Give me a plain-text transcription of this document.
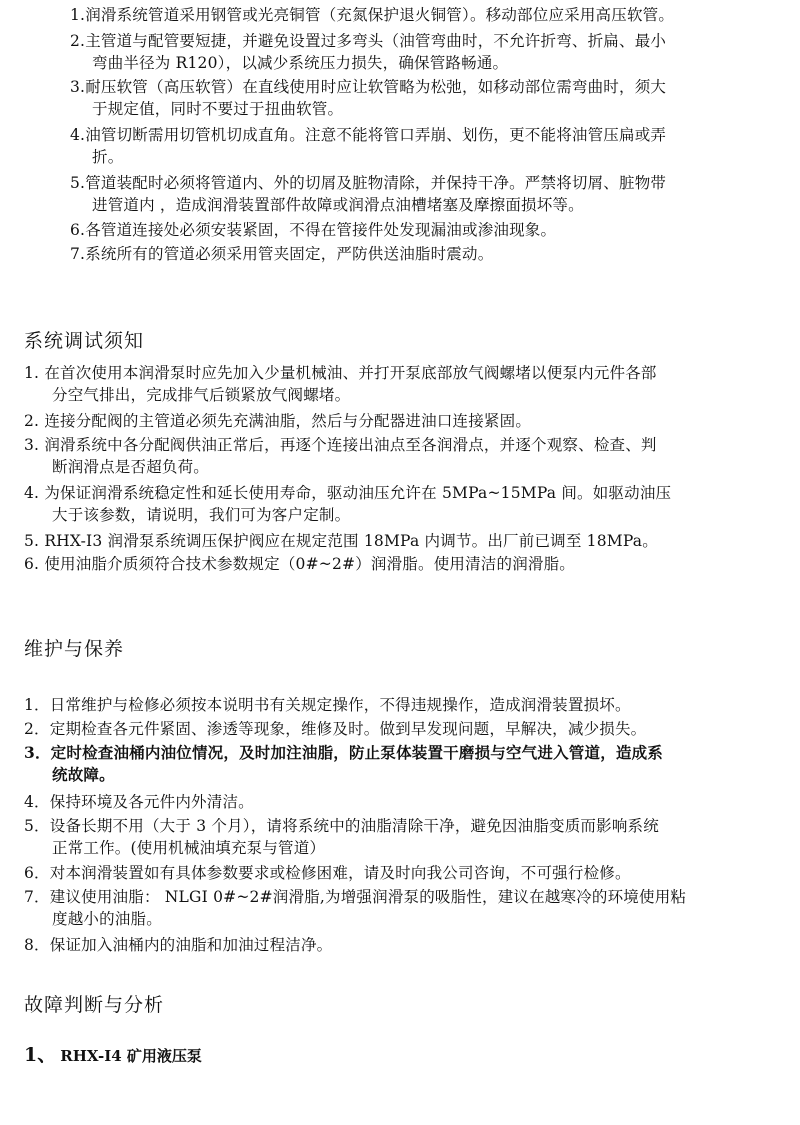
1.润滑系统管道采用钢管或光亮铜管（充氮保护退火铜管）。移动部位应采用高压软管。
2.主管道与配管要短捷，并避免设置过多弯头（油管弯曲时，不允许折弯、折扁、最小
弯曲半径为 R120），以减少系统压力损失，确保管路畅通。
3.耐压软管（高压软管）在直线使用时应让软管略为松弛，如移动部位需弯曲时，须大
于规定值，同时不要过于扭曲软管。
4.油管切断需用切管机切成直角。注意不能将管口弄崩、划伤，更不能将油管压扁或弄
折。
5.管道装配时必须将管道内、外的切屑及脏物清除，并保持干净。严禁将切屑、脏物带
进管道内 ，造成润滑装置部件故障或润滑点油槽堵塞及摩擦面损坏等。
6.各管道连接处必须安装紧固，不得在管接件处发现漏油或渗油现象。
7.系统所有的管道必须采用管夹固定，严防供送油脂时震动。
系统调试须知
1. 在首次使用本润滑泵时应先加入少量机械油、并打开泵底部放气阀螺堵以便泵内元件各部
分空气排出，完成排气后锁紧放气阀螺堵。
2. 连接分配阀的主管道必须先充满油脂，然后与分配器进油口连接紧固。
3. 润滑系统中各分配阀供油正常后，再逐个连接出油点至各润滑点，并逐个观察、检查、判
断润滑点是否超负荷。
4. 为保证润滑系统稳定性和延长使用寿命，驱动油压允许在 5MPa~15MPa 间。如驱动油压
大于该参数，请说明，我们可为客户定制。
5. RHX-I3 润滑泵系统调压保护阀应在规定范围 18MPa 内调节。出厂前已调至 18MPa。
6. 使用油脂介质须符合技术参数规定（0#~2#）润滑脂。使用清洁的润滑脂。
维护与保养
1．日常维护与检修必须按本说明书有关规定操作，不得违规操作，造成润滑装置损坏。
2．定期检查各元件紧固、渗透等现象，维修及时。做到早发现问题，早解决，减少损失。
3．定时检查油桶内油位情况，及时加注油脂，防止泵体装置干磨损与空气进入管道，造成系
统故障。
4．保持环境及各元件内外清洁。
5．设备长期不用（大于 3 个月），请将系统中的油脂清除干净，避免因油脂变质而影响系统
正常工作。(使用机械油填充泵与管道）
6．对本润滑装置如有具体参数要求或检修困难，请及时向我公司咨询，不可强行检修。
7．建议使用油脂： NLGI 0#~2#润滑脂,为增强润滑泵的吸脂性，建议在越寒冷的环境使用粘
度越小的油脂。
8．保证加入油桶内的油脂和加油过程洁净。
故障判断与分析
1、 RHX-I4 矿用液压泵
